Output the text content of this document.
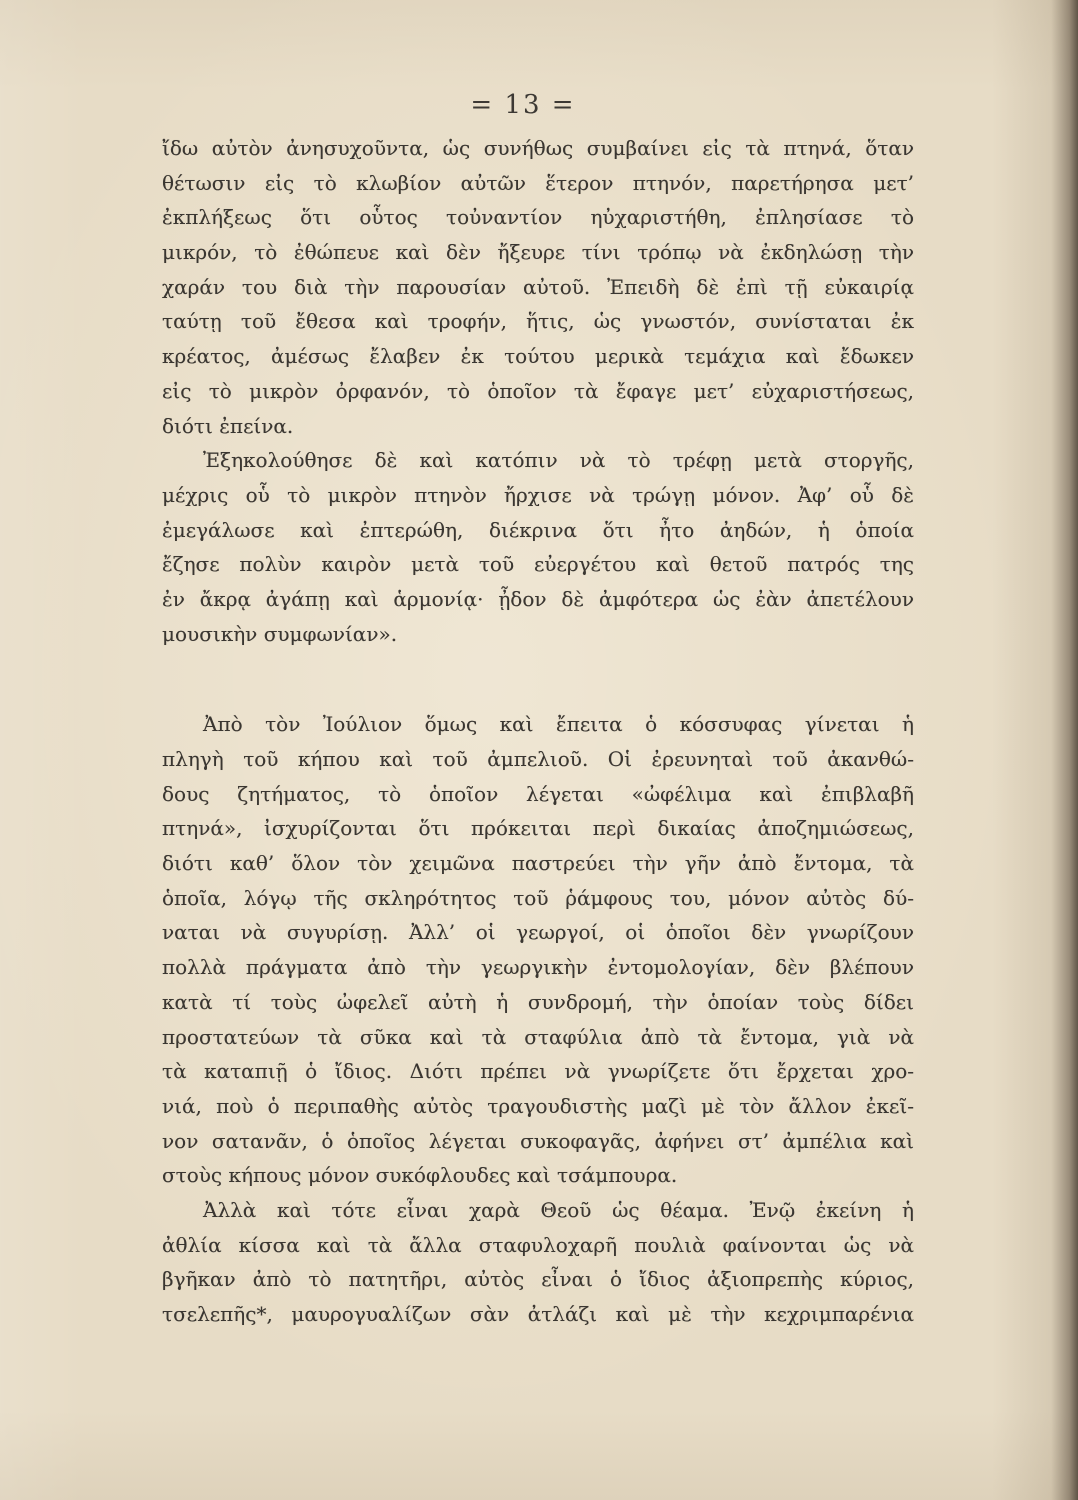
= 13 =
ἴδω αὐτὸν ἀνησυχοῦντα, ὡς συνήθως συμβαίνει εἰς τὰ πτηνά, ὅταν
θέτωσιν εἰς τὸ κλωβίον αὐτῶν ἕτερον πτηνόν, παρετήρησα μετ’
ἐκπλήξεως ὅτι οὗτος τοὐναντίον ηὐχαριστήθη, ἐπλησίασε τὸ
μικρόν, τὸ ἐθώπευε καὶ δὲν ἤξευρε τίνι τρόπῳ νὰ ἐκδηλώσῃ τὴν
χαράν του διὰ τὴν παρουσίαν αὐτοῦ. Ἐπειδὴ δὲ ἐπὶ τῇ εὐκαιρίᾳ
ταύτῃ τοῦ ἔθεσα καὶ τροφήν, ἥτις, ὡς γνωστόν, συνίσταται ἐκ
κρέατος, ἀμέσως ἔλαβεν ἐκ τούτου μερικὰ τεμάχια καὶ ἔδωκεν
εἰς τὸ μικρὸν ὀρφανόν, τὸ ὁποῖον τὰ ἔφαγε μετ’ εὐχαριστήσεως,
διότι ἐπείνα.
Ἐξηκολούθησε δὲ καὶ κατόπιν νὰ τὸ τρέφῃ μετὰ στοργῆς,
μέχρις οὗ τὸ μικρὸν πτηνὸν ἤρχισε νὰ τρώγῃ μόνον. Ἀφ’ οὗ δὲ
ἐμεγάλωσε καὶ ἐπτερώθη, διέκρινα ὅτι ἦτο ἀηδών, ἡ ὁποία
ἔζησε πολὺν καιρὸν μετὰ τοῦ εὐεργέτου καὶ θετοῦ πατρός της
ἐν ἄκρᾳ ἀγάπῃ καὶ ἁρμονίᾳ· ᾖδον δὲ ἀμφότερα ὡς ἐὰν ἀπετέλουν
μουσικὴν συμφωνίαν».
Ἀπὸ τὸν Ἰούλιον ὅμως καὶ ἔπειτα ὁ κόσσυφας γίνεται ἡ
πληγὴ τοῦ κήπου καὶ τοῦ ἀμπελιοῦ. Οἱ ἐρευνηταὶ τοῦ ἀκανθώ-
δους ζητήματος, τὸ ὁποῖον λέγεται «ὠφέλιμα καὶ ἐπιβλαβῆ
πτηνά», ἰσχυρίζονται ὅτι πρόκειται περὶ δικαίας ἀποζημιώσεως,
διότι καθ’ ὅλον τὸν χειμῶνα παστρεύει τὴν γῆν ἀπὸ ἔντομα, τὰ
ὁποῖα, λόγῳ τῆς σκληρότητος τοῦ ῥάμφους του, μόνον αὐτὸς δύ-
ναται νὰ συγυρίσῃ. Ἀλλ’ οἱ γεωργοί, οἱ ὁποῖοι δὲν γνωρίζουν
πολλὰ πράγματα ἀπὸ τὴν γεωργικὴν ἐντομολογίαν, δὲν βλέπουν
κατὰ τί τοὺς ὠφελεῖ αὐτὴ ἡ συνδρομή, τὴν ὁποίαν τοὺς δίδει
προστατεύων τὰ σῦκα καὶ τὰ σταφύλια ἀπὸ τὰ ἔντομα, γιὰ νὰ
τὰ καταπιῇ ὁ ἴδιος. Διότι πρέπει νὰ γνωρίζετε ὅτι ἔρχεται χρο-
νιά, ποὺ ὁ περιπαθὴς αὐτὸς τραγουδιστὴς μαζὶ μὲ τὸν ἄλλον ἐκεῖ-
νον σατανᾶν, ὁ ὁποῖος λέγεται συκοφαγᾶς, ἀφήνει στ’ ἀμπέλια καὶ
στοὺς κήπους μόνον συκόφλουδες καὶ τσάμπουρα.
Ἀλλὰ καὶ τότε εἶναι χαρὰ Θεοῦ ὡς θέαμα. Ἐνῷ ἐκείνη ἡ
ἀθλία κίσσα καὶ τὰ ἄλλα σταφυλοχαρῆ πουλιὰ φαίνονται ὡς νὰ
βγῆκαν ἀπὸ τὸ πατητῆρι, αὐτὸς εἶναι ὁ ἴδιος ἀξιοπρεπὴς κύριος,
τσελεπῆς*, μαυρογυαλίζων σὰν ἀτλάζι καὶ μὲ τὴν κεχριμπαρένια
